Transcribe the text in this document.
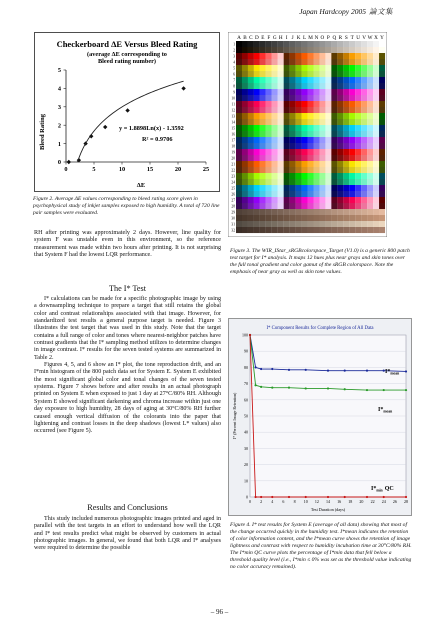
Japan Hardcopy 2005 論文集
Checkerboard ΔE Versus Bleed Rating
(average ΔE corresponding to
Bleed rating number)
0	5	10	15	20	25
0
1
2
3
4
5
y = 1.8898Ln(x) - 1.3592
R² = 0.9706
ΔE
Bleed Rating
Figure 2. Average ΔE values corresponding to bleed rating score given in psychophysical study of inkjet samples exposed to high humidity. A total of 720 line pair samples were evaluated.
A B C D E F G H I J K L M N O P Q R S T U V W X Y
1
2
3
4
5
6
7
8
9
10
11
12
13
14
15
16
17
18
19
20
21
22
23
24
25
26
27
28
29
30
31
32
Figure 3. The WIR_IStar_sRGBcolorspace_Target (V1.0) is a generic 800 patch test target for I* analysis. It maps 12 hues plus near grays and skin tones over the full tonal gradient and color gamut of the sRGB colorspace. Note the emphasis of near gray as well as skin tone values.

RH after printing was approximately 2 days. However, line quality for system F was unstable even in this environment, so the reference measurement was made within two hours after printing. It is not surprising that System F had the lowest LQR performance.

The I* Test

I* calculations can be made for a specific photographic image by using a downsampling technique to prepare a target that still retains the global color and contrast relationships associated with that image. However, for standardized test results a general purpose target is needed. Figure 3 illustrates the test target that was used in this study. Note that the target contains a full range of color and tones where nearest-neighbor patches have contrast gradients that the I* sampling method utilizes to determine changes in image contrast. I* results for the seven tested systems are summarized in Table 2.

Figures 4, 5, and 6 show an I* plot, the tone reproduction drift, and an I*min histogram of the 800 patch data set for System E. System E exhibited the most significant global color and tonal changes of the seven tested systems. Figure 7 shows before and after results in an actual photograph printed on System E when exposed to just 1 day at 27°C/80% RH. Although System E showed significant darkening and chroma increase within just one day exposure to high humidity, 28 days of aging at 30°C/80% RH further caused enough vertical diffusion of the colorants into the paper that lightening and contrast losses in the deep shadows (lowest L* values) also occurred (see Figure 5).

Results and Conclusions

This study included numerous photographic images printed and aged in parallel with the test targets in an effort to understand how well the LQR and I* test results predict what might be observed by customers in actual photographic images. In general, we found that both LQR and I* analyses were required to determine the possible

I* Component Results for Complete Region of All Data
0
10
20
30
40
50
60
70
80
90
100
0 2 4 6 8 10 12 14 16 18 20 22 24 26 28
$I*_{mean}$
$I*_{mean}$
$I*_{min}$ QC
Test Duration (days)
I* (Percent Image Retention)
Figure 4. I* test results for System E (average of all data) showing that most of the change occurred quickly in the humidity test. I*mean indicates the retention of color information content, and the I*mean curve shows the retention of image lightness and contrast with respect to humidity incubation time at 30°C/80% RH. The I*min QC curve plots the percentage of I*min data that fell below a threshold quality level (i.e., I*min ≤ 0% was set as the threshold value indicating no color accuracy remained).
– 96 –
